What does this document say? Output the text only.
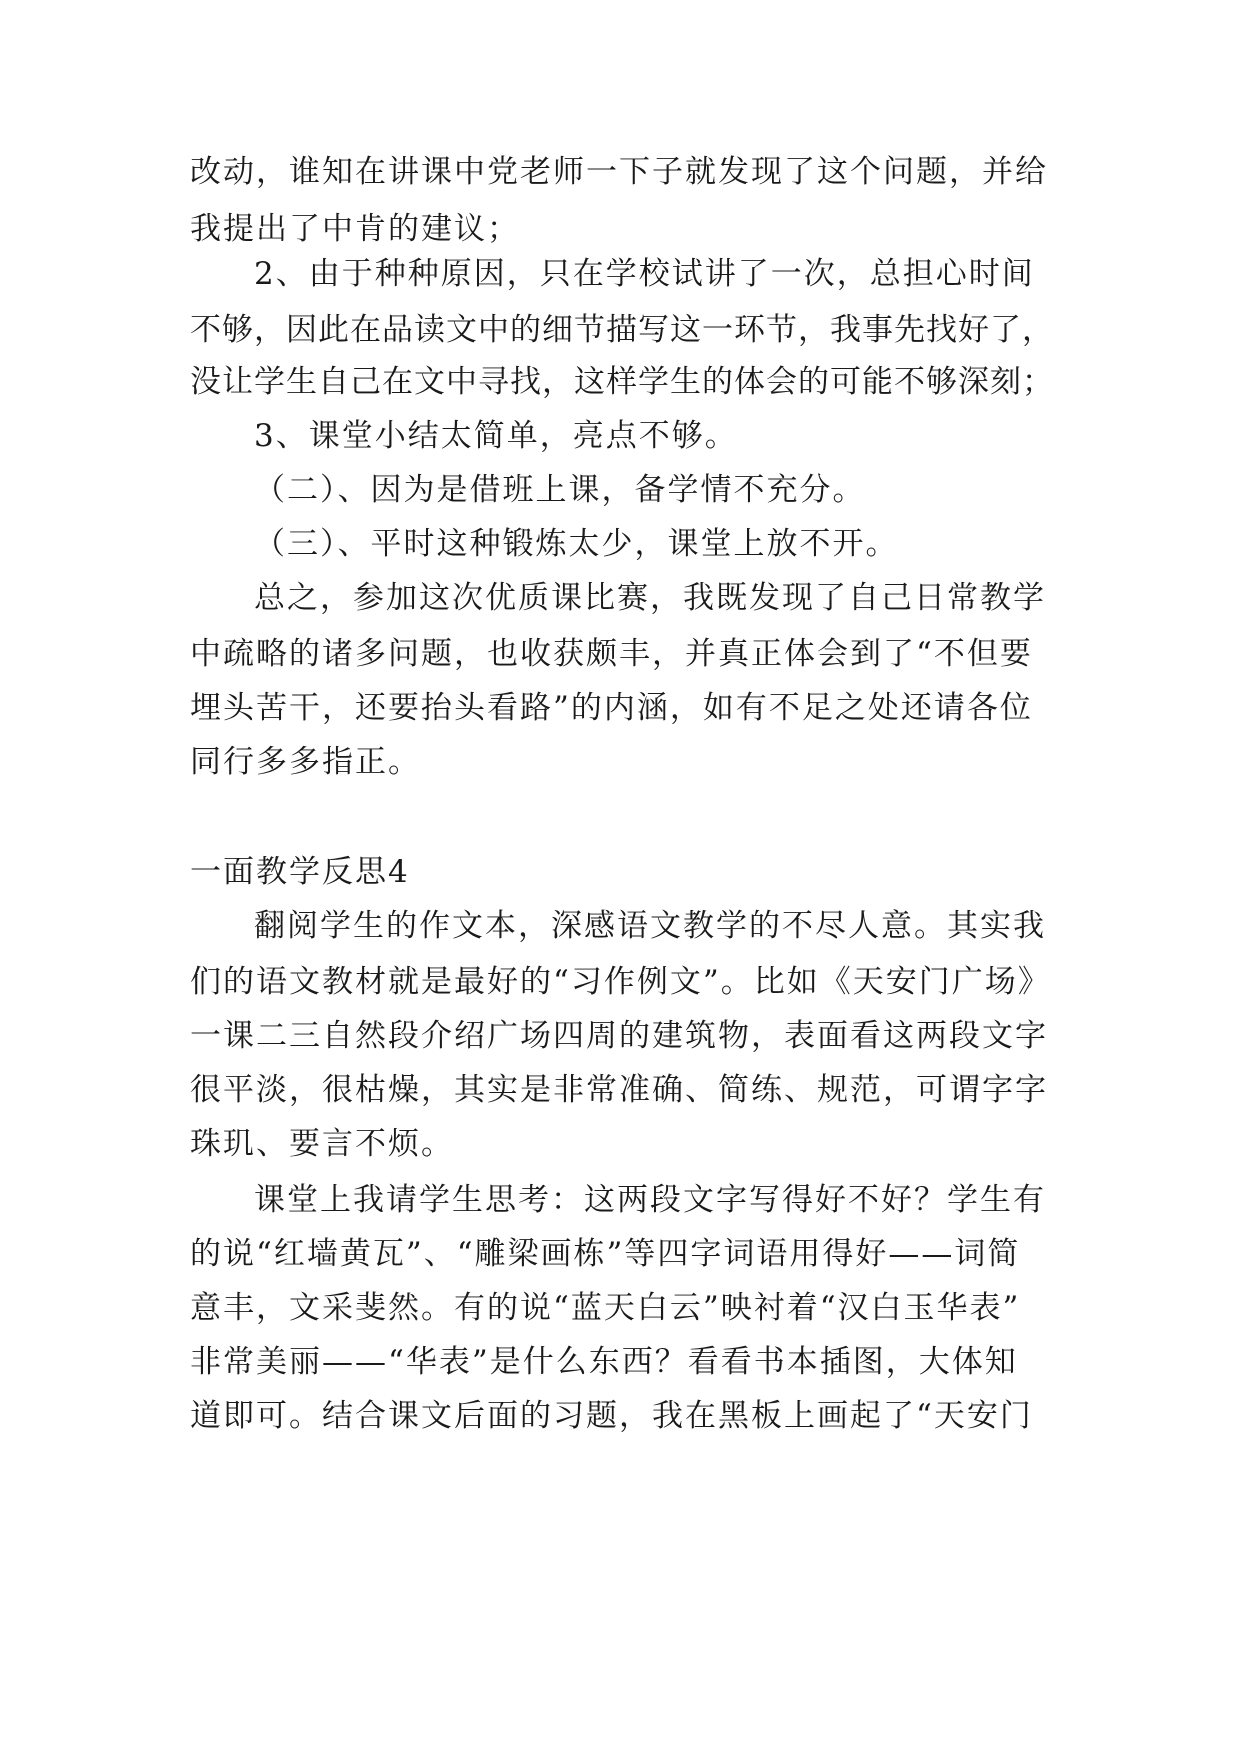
改动，谁知在讲课中党老师一下子就发现了这个问题，并给
我提出了中肯的建议；
2、由于种种原因，只在学校试讲了一次，总担心时间
不够，因此在品读文中的细节描写这一环节，我事先找好了，
没让学生自己在文中寻找，这样学生的体会的可能不够深刻；
3、课堂小结太简单，亮点不够。
（二）、因为是借班上课，备学情不充分。
（三）、平时这种锻炼太少，课堂上放不开。
总之，参加这次优质课比赛，我既发现了自己日常教学
中疏略的诸多问题，也收获颇丰，并真正体会到了“不但要
埋头苦干，还要抬头看路”的内涵，如有不足之处还请各位
同行多多指正。
一面教学反思4
翻阅学生的作文本，深感语文教学的不尽人意。其实我
们的语文教材就是最好的“习作例文”。比如《天安门广场》
一课二三自然段介绍广场四周的建筑物，表面看这两段文字
很平淡，很枯燥，其实是非常准确、简练、规范，可谓字字
珠玑、要言不烦。
课堂上我请学生思考：这两段文字写得好不好？学生有
的说“红墙黄瓦”、“雕梁画栋”等四字词语用得好——词简
意丰，文采斐然。有的说“蓝天白云”映衬着“汉白玉华表”
非常美丽——“华表”是什么东西？看看书本插图，大体知
道即可。结合课文后面的习题，我在黑板上画起了“天安门
